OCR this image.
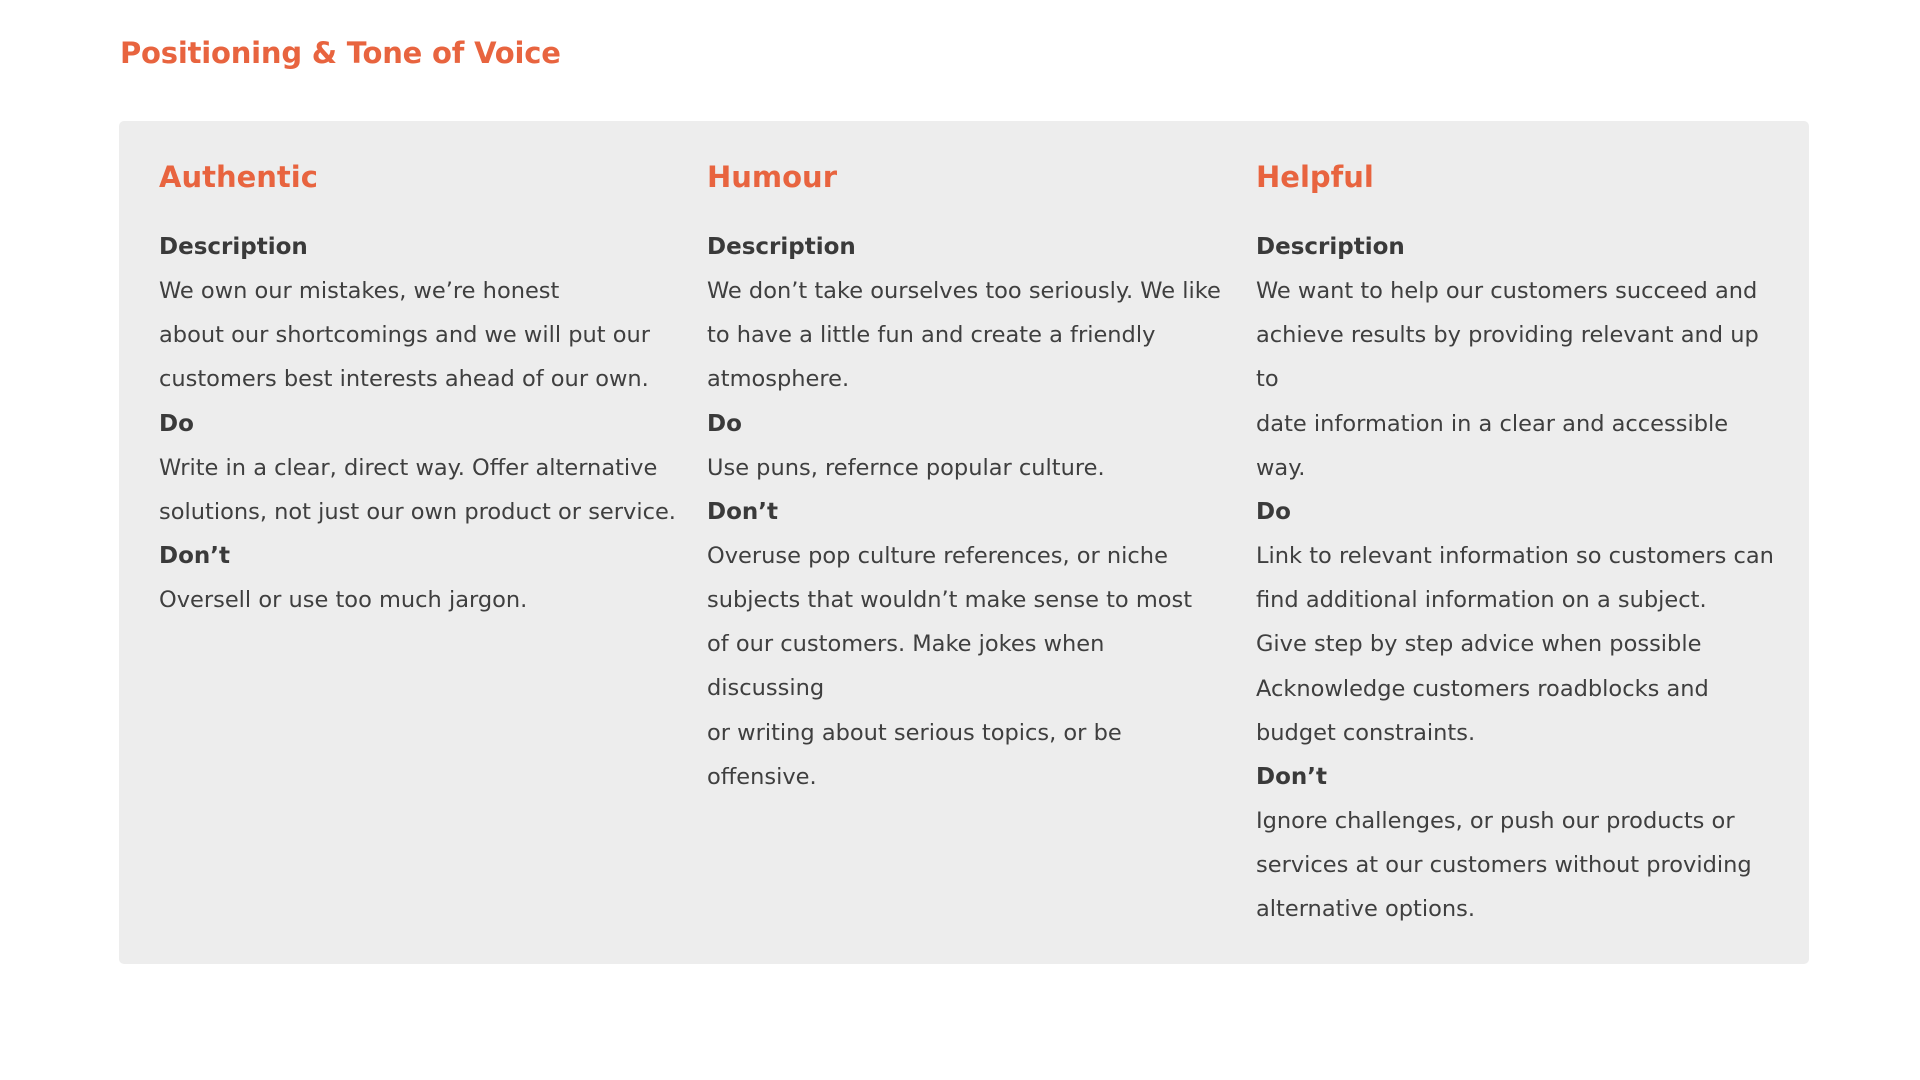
Positioning & Tone of Voice
Authentic

Description

We own our mistakes, we’re honest
about our shortcomings and we will put our
customers best interests ahead of our own.

Do

Write in a clear, direct way. Offer alternative
solutions, not just our own product or service.

Don’t

Oversell or use too much jargon.

Humour

Description

We don’t take ourselves too seriously. We like
to have a little fun and create a friendly
atmosphere.

Do

Use puns, refernce popular culture.

Don’t

Overuse pop culture references, or niche
subjects that wouldn’t make sense to most
of our customers. Make jokes when discussing
or writing about serious topics, or be offensive.

Helpful

Description

We want to help our customers succeed and
achieve results by providing relevant and up to
date information in a clear and accessible way.

Do

Link to relevant information so customers can
find additional information on a subject.
Give step by step advice when possible
Acknowledge customers roadblocks and
budget constraints.

Don’t

Ignore challenges, or push our products or
services at our customers without providing
alternative options.
